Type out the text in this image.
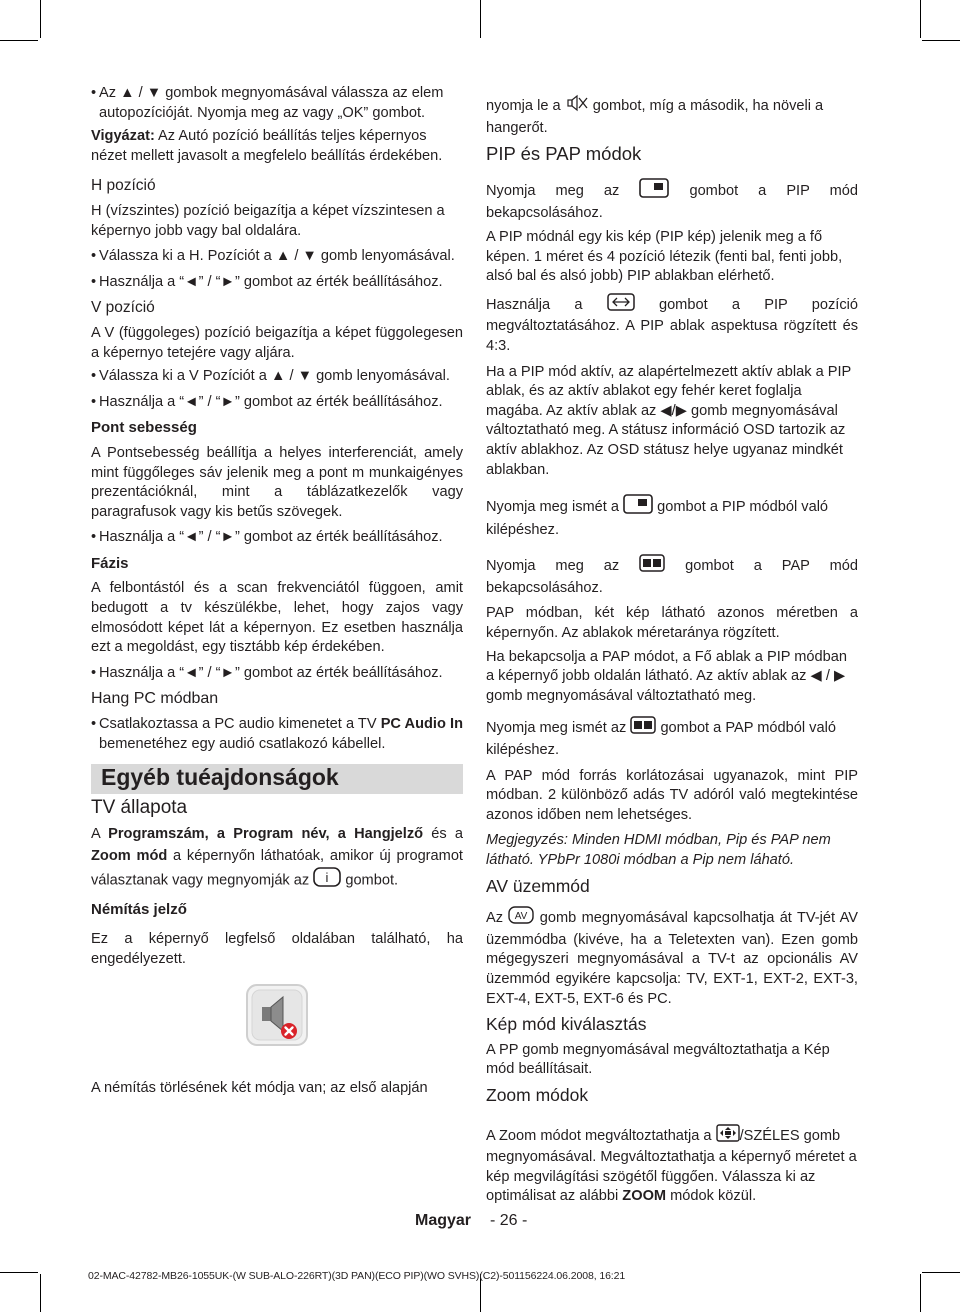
• Az ▲ / ▼ gombok megnyomásával válassza az elem autopozícióját. Nyomja meg az vagy „OK” gombot.

Vigyázat: Az Autó pozíció beállítás teljes képernyos nézet mellett javasolt a megfelelo beállítás érdekében.

H pozíció

H (vízszintes) pozíció beigazítja a képet vízszintesen a képernyo jobb vagy bal oldalára.

• Válassza ki a H. Pozíciót a ▲ / ▼ gomb lenyomásával.
• Használja a “◄” / “►” gombot az érték beállításához.
V pozíció

A V (függoleges) pozíció beigazítja a képet függolegesen a képernyo tetejére vagy aljára.

• Válassza ki a V Pozíciót a ▲ / ▼ gomb lenyomásával.
• Használja a “◄” / “►” gombot az érték beállításához.
Pont sebesség

A Pontsebesség beállítja a helyes interferenciát, amely mint függőleges sáv jelenik meg a pont m munkaigényes prezentációknál, mint a táblázatkezelők vagy paragrafusok vagy kis betűs szövegek.

• Használja a “◄” / “►” gombot az érték beállításához.
Fázis

A felbontástól és a scan frekvenciától függoen, amit bedugott a tv készülékbe, lehet, hogy zajos vagy elmosódott képet lát a képernyon. Ez esetben használja ezt a megoldást, egy tisztább kép érdekében.

• Használja a “◄” / “►” gombot az érték beállításához.
Hang PC módban
• Csatlakoztassa a PC audio kimenetet a TV PC Audio In bemenetéhez egy audió csatlakozó kábellel.
Egyéb tuéajdonságok
TV állapota

A Programszám, a Program név, a Hangjelző és a Zoom mód a képernyőn láthatóak, amikor új programot választanak vagy megnyomják az i gombot.

Némítás jelző

Ez a képernyő legfelső oldalában található, ha engedélyezett.

A némítás törlésének két módja van; az első alapján

nyomja le a gombot, míg a második, ha növeli a hangerőt.

PIP és PAP módok

Nyomja meg az	gombot a PIP mód bekapcsolásához.

A PIP módnál egy kis kép (PIP kép) jelenik meg a fő képen. 1 méret és 4 pozíció létezik (fenti bal, fenti jobb, alsó bal és alsó jobb) PIP ablakban elérhető.

Használja a	gombot a PIP pozíció megváltoztatásához. A PIP ablak aspektusa rögzített és 4:3.

Ha a PIP mód aktív, az alapértelmezett aktív ablak a PIP ablak, és az aktív ablakot egy fehér keret foglalja magába. Az aktív ablak az ◀/▶ gomb megnyomásával változtatható meg. A státusz információ OSD tartozik az aktív ablakhoz. Az OSD státusz helye ugyanaz mindkét ablakban.

Nyomja meg ismét a	gombot a PIP módból való kilépéshez.

Nyomja meg az	gombot a PAP mód bekapcsolásához.

PAP módban, két kép látható azonos méretben a képernyőn. Az ablakok méretaránya rögzített.

Ha bekapcsolja a PAP módot, a Fő ablak a PIP módban a képernyő jobb oldalán látható. Az aktív ablak az ◀ / ▶ gomb megnyomásával változtatható meg.

Nyomja meg ismét az gombot a PAP módból való kilépéshez.

A PAP mód forrás korlátozásai ugyanazok, mint PIP módban. 2 különböző adás TV adóról való megtekintése azonos időben nem lehetséges.

Megjegyzés: Minden HDMI módban, Pip és PAP nem látható. YPbPr 1080i módban a Pip nem láható.

AV üzemmód

Az AV gomb megnyomásával kapcsolhatja át TV-jét AV üzemmódba (kivéve, ha a Teletexten van). Ezen gomb mégegyszeri megnyomásával a TV-t az opcionális AV üzemmód egyikére kapcsolja: TV, EXT-1, EXT-2, EXT-3, EXT-4, EXT-5, EXT-6 és PC.

Kép mód kiválasztás

A PP gomb megnyomásával megváltoztathatja a Kép mód beállításait.

Zoom módok

A Zoom módot megváltoztathatja a /SZÉLES gomb megnyomásával. Megváltoztathatja a képernyő méretet a kép megvilágítási szögétől függően. Válassza ki az optimálisat az alábbi ZOOM módok közül.

Magyar - 26 -
02-MAC-42782-MB26-1055UK-(W SUB-ALO-226RT)(3D PAN)(ECO PIP)(WO SVHS)(C2)-501156224.06.2008, 16:21
